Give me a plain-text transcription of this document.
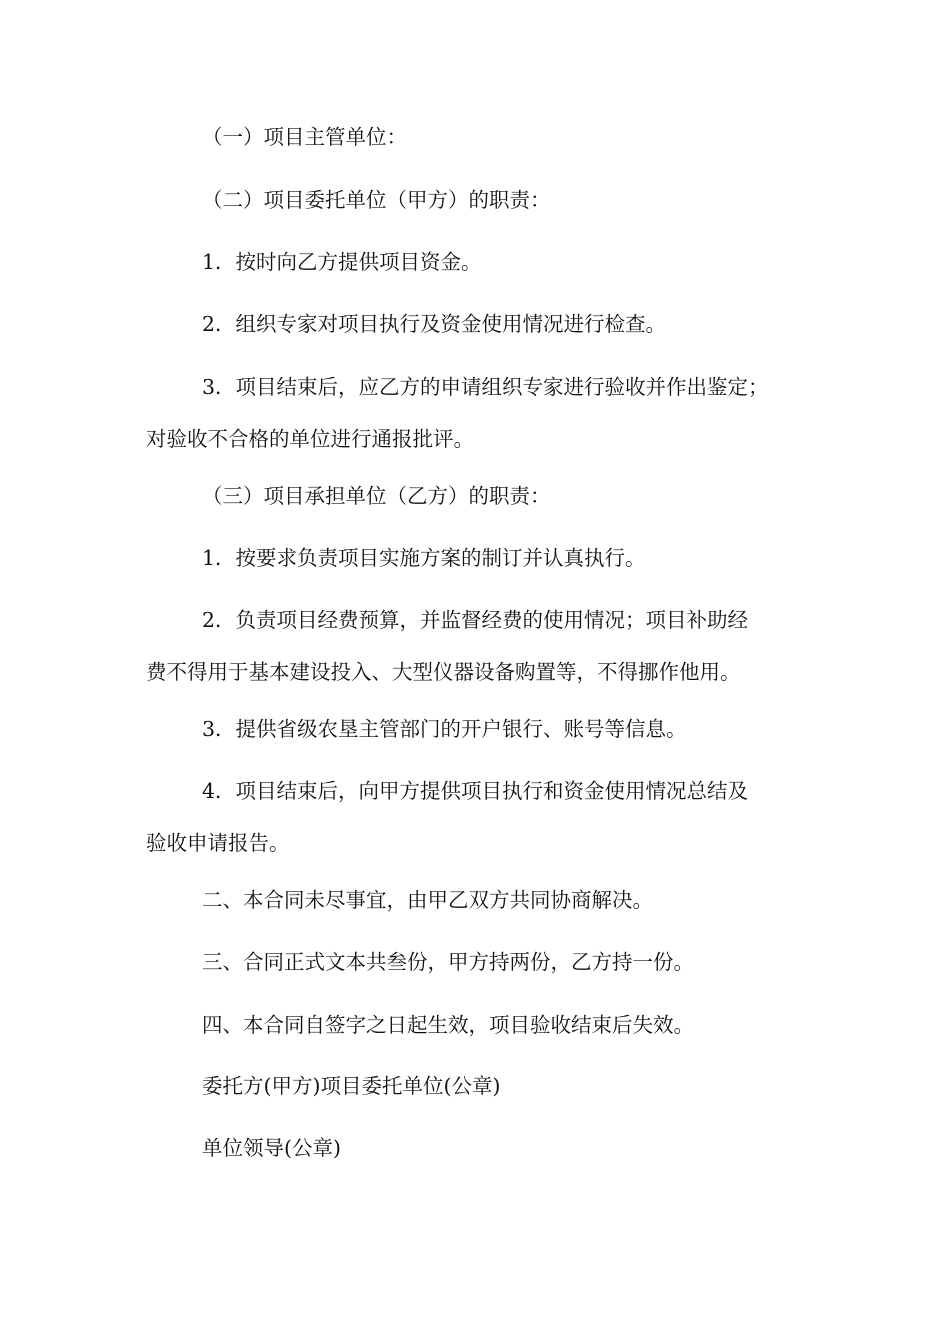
（一）项目主管单位：
（二）项目委托单位（甲方）的职责：
1．按时向乙方提供项目资金。
2．组织专家对项目执行及资金使用情况进行检查。
3．项目结束后，应乙方的申请组织专家进行验收并作出鉴定；
对验收不合格的单位进行通报批评。
（三）项目承担单位（乙方）的职责：
1．按要求负责项目实施方案的制订并认真执行。
2．负责项目经费预算，并监督经费的使用情况；项目补助经
费不得用于基本建设投入、大型仪器设备购置等，不得挪作他用。
3．提供省级农垦主管部门的开户银行、账号等信息。
4．项目结束后，向甲方提供项目执行和资金使用情况总结及
验收申请报告。
二、本合同未尽事宜，由甲乙双方共同协商解决。
三、合同正式文本共叁份，甲方持两份，乙方持一份。
四、本合同自签字之日起生效，项目验收结束后失效。
委托方(甲方)项目委托单位(公章)
单位领导(公章)
